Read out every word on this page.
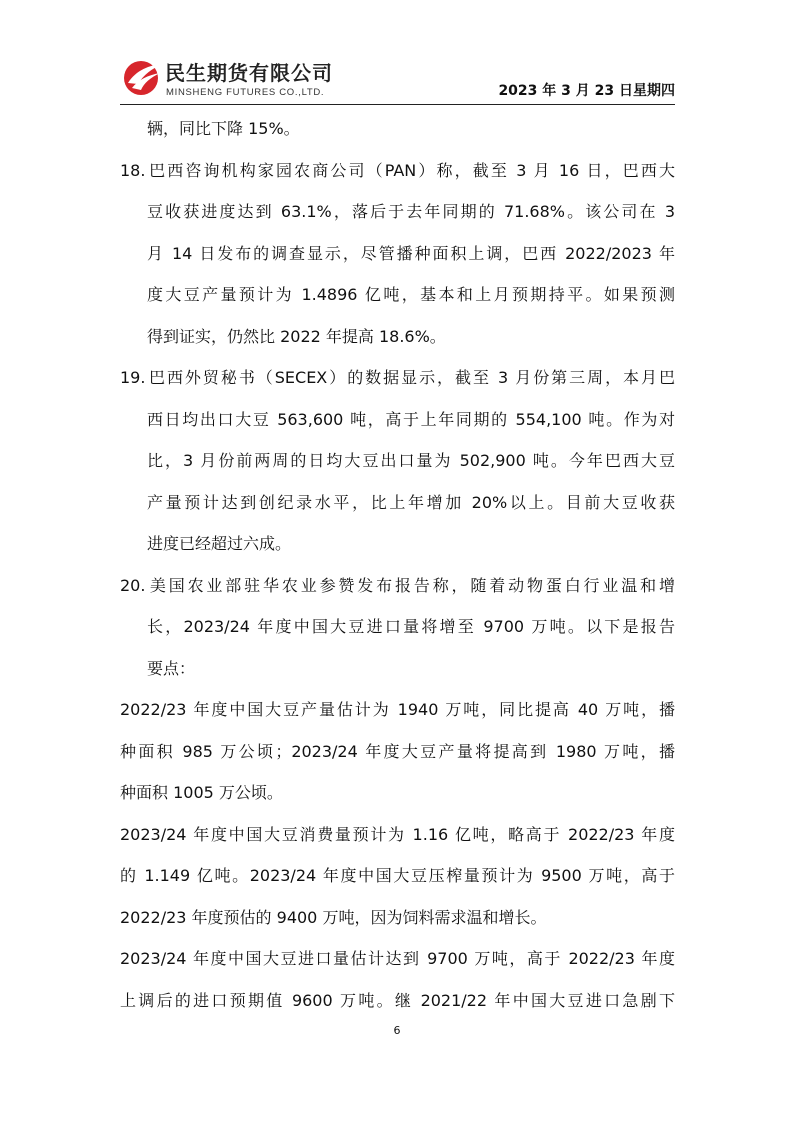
民生期货有限公司
MINSHENG FUTURES CO.,LTD.	2023 年 3 月 23 日星期四
辆，同比下降 15%。
18.巴西咨询机构家园农商公司（PAN）称，截至 3 月 16 日，巴西大
豆收获进度达到 63.1%，落后于去年同期的 71.68%。该公司在 3
月 14 日发布的调查显示，尽管播种面积上调，巴西 2022/2023 年
度大豆产量预计为 1.4896 亿吨，基本和上月预期持平。如果预测
得到证实，仍然比 2022 年提高 18.6%。
19.巴西外贸秘书（SECEX）的数据显示，截至 3 月份第三周，本月巴
西日均出口大豆 563,600 吨，高于上年同期的 554,100 吨。作为对
比，3 月份前两周的日均大豆出口量为 502,900 吨。今年巴西大豆
产量预计达到创纪录水平，比上年增加 20%以上。目前大豆收获
进度已经超过六成。
20.美国农业部驻华农业参赞发布报告称，随着动物蛋白行业温和增
长，2023/24 年度中国大豆进口量将增至 9700 万吨。以下是报告
要点：
2022/23 年度中国大豆产量估计为 1940 万吨，同比提高 40 万吨，播
种面积 985 万公顷；2023/24 年度大豆产量将提高到 1980 万吨，播
种面积 1005 万公顷。
2023/24 年度中国大豆消费量预计为 1.16 亿吨，略高于 2022/23 年度
的 1.149 亿吨。2023/24 年度中国大豆压榨量预计为 9500 万吨，高于
2022/23 年度预估的 9400 万吨，因为饲料需求温和增长。
2023/24 年度中国大豆进口量估计达到 9700 万吨，高于 2022/23 年度
上调后的进口预期值 9600 万吨。继 2021/22 年中国大豆进口急剧下
6
